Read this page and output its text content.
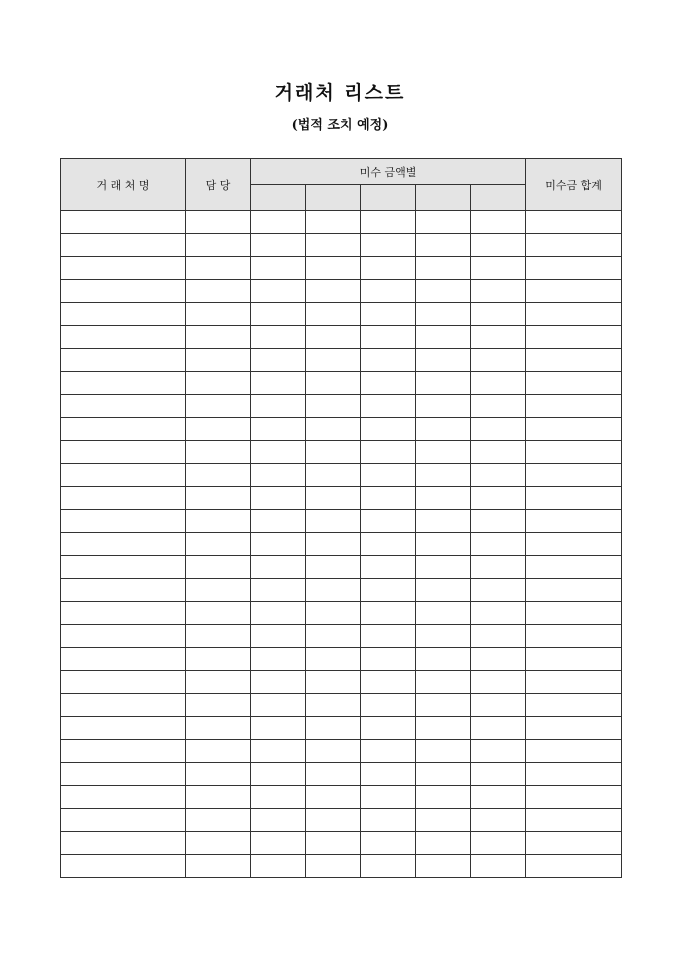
거래처 리스트
(법적 조치 예정)
거 래 처 명	담 당	미수 금액별					미수금 합계
